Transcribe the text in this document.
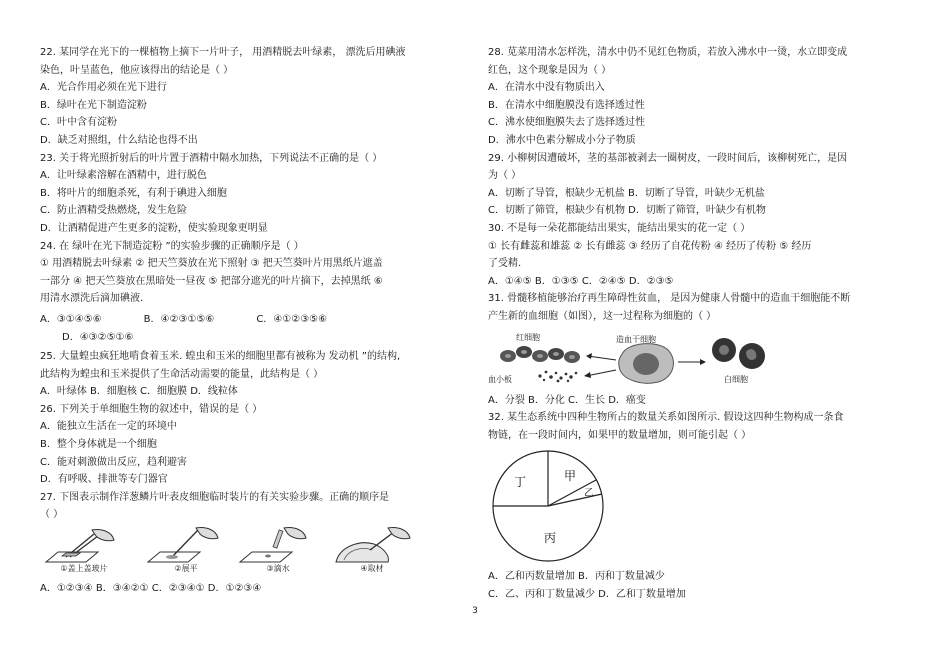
22. 某同学在光下的一棵植物上摘下一片叶子， 用酒精脱去叶绿素， 漂洗后用碘液

染色，叶呈蓝色，他应该得出的结论是（ ）

A．光合作用必须在光下进行

B．绿叶在光下制造淀粉

C．叶中含有淀粉

D．缺乏对照组，什么结论也得不出

23. 关于将光照折射后的叶片置于酒精中隔水加热，下列说法不正确的是（ ）

A．让叶绿素溶解在酒精中，进行脱色

B．将叶片的细胞杀死，有利于碘进入细胞

C．防止酒精受热燃烧，发生危险

D．让酒精促进产生更多的淀粉，使实验现象更明显

24. 在 绿叶在光下制造淀粉 ”的实验步骤的正确顺序是（ ）

① 用酒精脱去叶绿素 ② 把天竺葵放在光下照射 ③ 把天竺葵叶片用黑纸片遮盖

一部分 ④ 把天竺葵放在黑暗处一昼夜 ⑤ 把部分遮光的叶片摘下，去掉黑纸 ⑥

用清水漂洗后滴加碘液.

A．③①④⑤⑥	B．④②③①⑤⑥	C．④①②③⑤⑥

D．④③②⑤①⑥

25. 大量蝗虫疯狂地啃食着玉米. 蝗虫和玉米的细胞里都有被称为 发动机 ”的结构,

此结构为蝗虫和玉米提供了生命活动需要的能量，此结构是（ ）

A．叶绿体 B．细胞核 C．细胞膜 D．线粒体

26. 下列关于单细胞生物的叙述中，错误的是（ ）

A．能独立生活在一定的环境中

B．整个身体就是一个细胞

C．能对刺激做出反应，趋利避害

D．有呼吸、排泄等专门器官

27. 下图表示制作洋葱鳞片叶表皮细胞临时装片的有关实验步骤。正确的顺序是

（ ）

①盖上盖玻片	②展平	③滴水	④取材

A．①②③④ B．③④②① C．②③④① D．①②③④

28. 苋菜用清水怎样洗，清水中仍不见红色物质，若放入沸水中一烫，水立即变成

红色，这个现象是因为（ ）

A．在清水中没有物质出入

B．在清水中细胞膜没有选择透过性

C．沸水使细胞膜失去了选择透过性

D．沸水中色素分解成小分子物质

29. 小柳树因遭破坏，茎的基部被剥去一圈树皮，一段时间后，该柳树死亡，是因

为（ ）

A．切断了导管，根缺少无机盐 B．切断了导管，叶缺少无机盐

C．切断了筛管，根缺少有机物 D．切断了筛管，叶缺少有机物

30. 不是每一朵花都能结出果实，能结出果实的花一定（ ）

① 长有雌蕊和雄蕊 ② 长有雌蕊 ③ 经历了自花传粉 ④ 经历了传粉 ⑤ 经历

了受精.

A．①④⑤ B．①③⑤ C．②④⑤ D．②③⑤

31. 骨髓移植能够治疗再生障碍性贫血， 是因为健康人骨髓中的造血干细胞能不断

产生新的血细胞（如图），这一过程称为细胞的（ ）

红细胞
血小板
造血干细胞
白细胞

A．分裂 B．分化 C．生长 D．癌变

32. 某生态系统中四种生物所占的数量关系如图所示. 假设这四种生物构成一条食

物链，在一段时间内，如果甲的数量增加，则可能引起（ ）

甲
乙
丙
丁

A．乙和丙数量增加 B．丙和丁数量减少

C．乙、丙和丁数量减少 D．乙和丁数量增加

3
